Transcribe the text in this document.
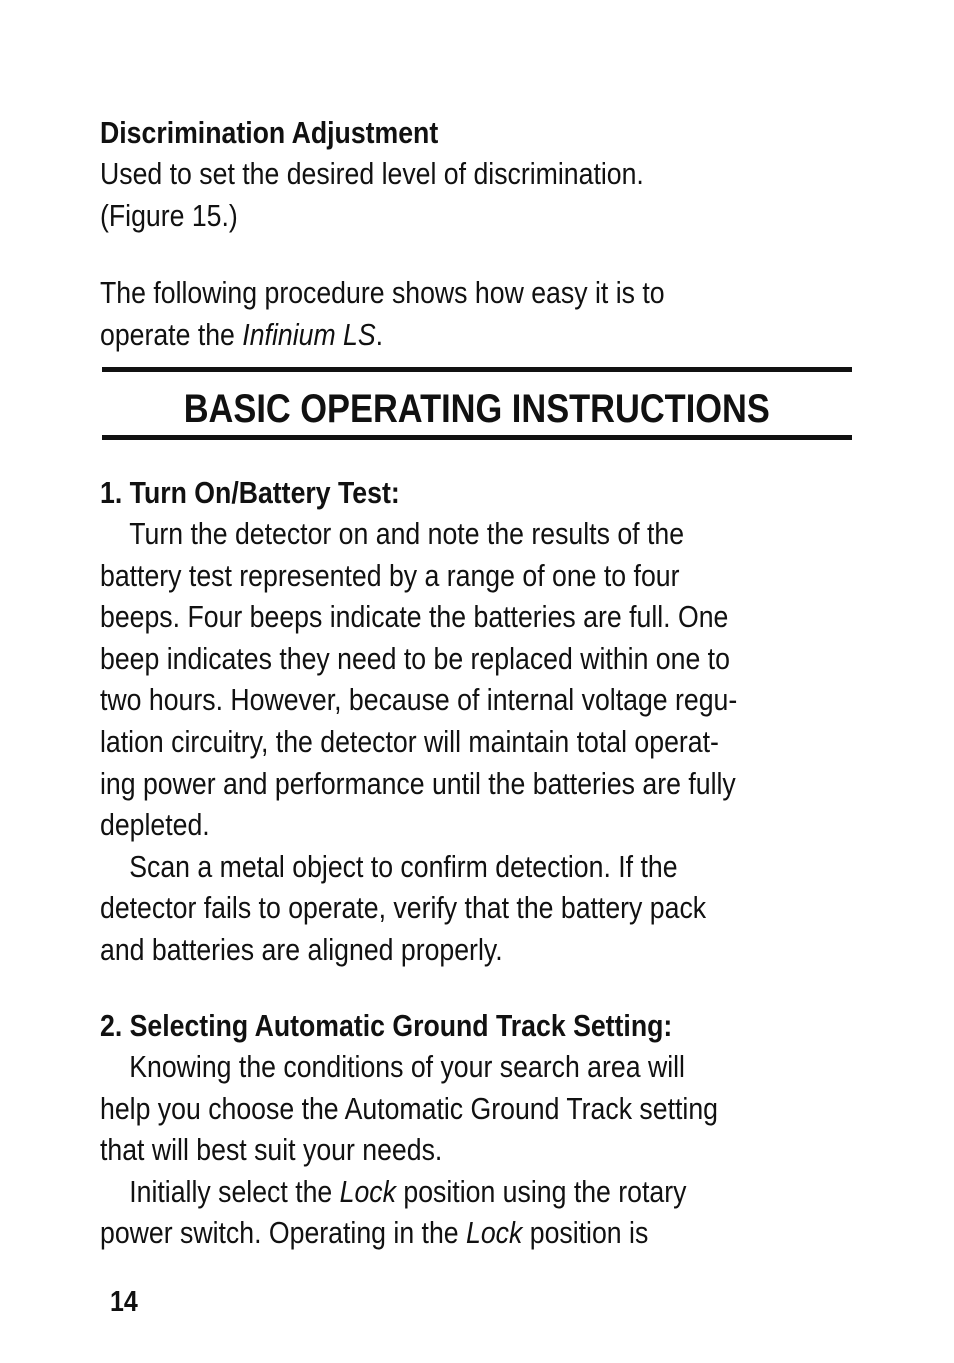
Discrimination Adjustment
Used to set the desired level of discrimination.
(Figure 15.)
The following procedure shows how easy it is to
operate the Infinium LS.
BASIC OPERATING INSTRUCTIONS
1. Turn On/Battery Test:
Turn the detector on and note the results of the
battery test represented by a range of one to four
beeps. Four beeps indicate the batteries are full. One
beep indicates they need to be replaced within one to
two hours. However, because of internal voltage regu-
lation circuitry, the detector will maintain total operat-
ing power and performance until the batteries are fully
depleted.
Scan a metal object to confirm detection. If the
detector fails to operate, verify that the battery pack
and batteries are aligned properly.
2. Selecting Automatic Ground Track Setting:
Knowing the conditions of your search area will
help you choose the Automatic Ground Track setting
that will best suit your needs.
Initially select the Lock position using the rotary
power switch. Operating in the Lock position is
14
